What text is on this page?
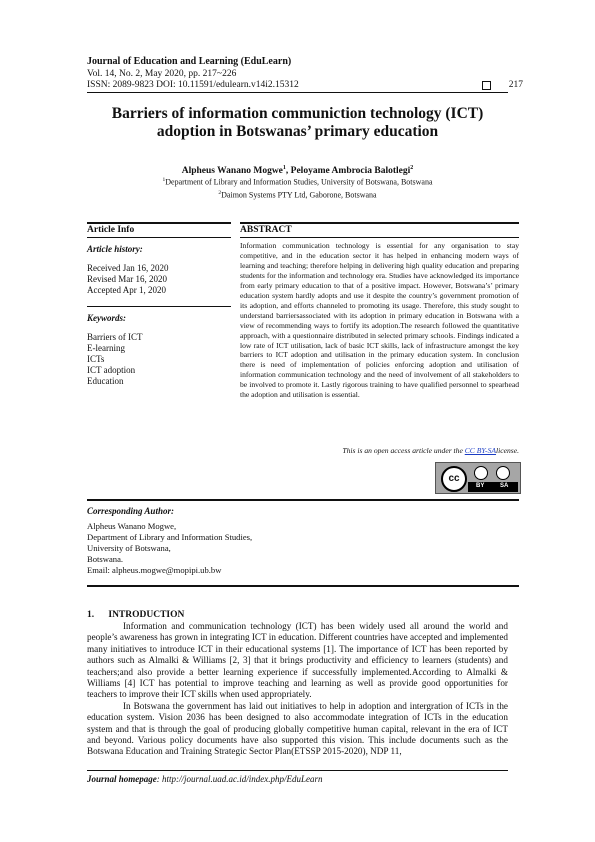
Journal of Education and Learning (EduLearn)
Vol. 14, No. 2, May 2020, pp. 217~226
ISSN: 2089-9823 DOI: 10.11591/edulearn.v14i2.15312	217
Barriers of information communiction technology (ICT)
adoption in Botswanas’ primary education
Alpheus Wanano Mogwe$^1$, Peloyame Ambrocia Balotlegi$^2$
$^1$Department of Library and Information Studies, University of Botswana, Botswana
$^2$Daimon Systems PTY Ltd, Gaborone, Botswana
Article Info	ABSTRACT
Article history:
Received Jan 16, 2020
Revised Mar 16, 2020
Accepted Apr 1, 2020
Keywords:
Barriers of ICT
E-learning
ICTs
ICT adoption
Education
Information communication technology is essential for any organisation to stay competitive, and in the education sector it has helped in enhancing modern ways of learning and teaching; therefore helping in delivering high quality education and preparing students for the information and technology era. Studies have acknowledged its importance from early primary education to that of a positive impact. However, Botswana’s’ primary education system hardly adopts and use it despite the country’s government promotion of its adoption, and efforts channeled to promoting its usage. Therefore, this study sought to understand barriersassociated with its adoption in primary education in Botswana with a view of recommending ways to fortify its adoption.The research followed the quantitative approach, with a questionnaire distributed in selected primary schools. Findings indicated a low rate of ICT utilisation, lack of basic ICT skills, lack of infrastructure amongst the key barriers to ICT adoption and utilisation in the primary education system. In conclusion there is need of implementation of policies enforcing adoption and utilisation of information communication technology and the need of involvement of all stakeholders to be involved to promote it. Lastly rigorous training to have qualified personnel to spearhead the adoption and utilisation is essential.
This is an open access article under the CC BY-SAlicense.
cc
BY	SA
Corresponding Author:
Alpheus Wanano Mogwe,
Department of Library and Information Studies,
University of Botswana,
Botswana.
Email: alpheus.mogwe@mopipi.ub.bw
1.      INTRODUCTION

Information and communication technology (ICT) has been widely used all around the world and people’s awareness has grown in integrating ICT in education. Different countries have accepted and implemented many initiatives to introduce ICT in their educational systems [1]. The importance of ICT has been reported by authors such as Almalki & Williams [2, 3] that it brings productivity and efficiency to learners (students) and teachers;and also provide a better learning experience if successfully implemented.According to Almalki & Williams [4] ICT has potential to improve teaching and learning as well as provide good opportunities for teachers to improve their ICT skills when used appropriately.

In Botswana the government has laid out initiatives to help in adoption and intergration of ICTs in the education system. Vision 2036 has been designed to also accommodate integration of ICTs in the education system and that is through the goal of producing globally competitive human capital, relevant in the era of ICT and beyond. Various policy documents have also supported this vision. This include documents such as the Botswana Education and Training Strategic Sector Plan(ETSSP 2015-2020), NDP 11,

Journal homepage: http://journal.uad.ac.id/index.php/EduLearn
